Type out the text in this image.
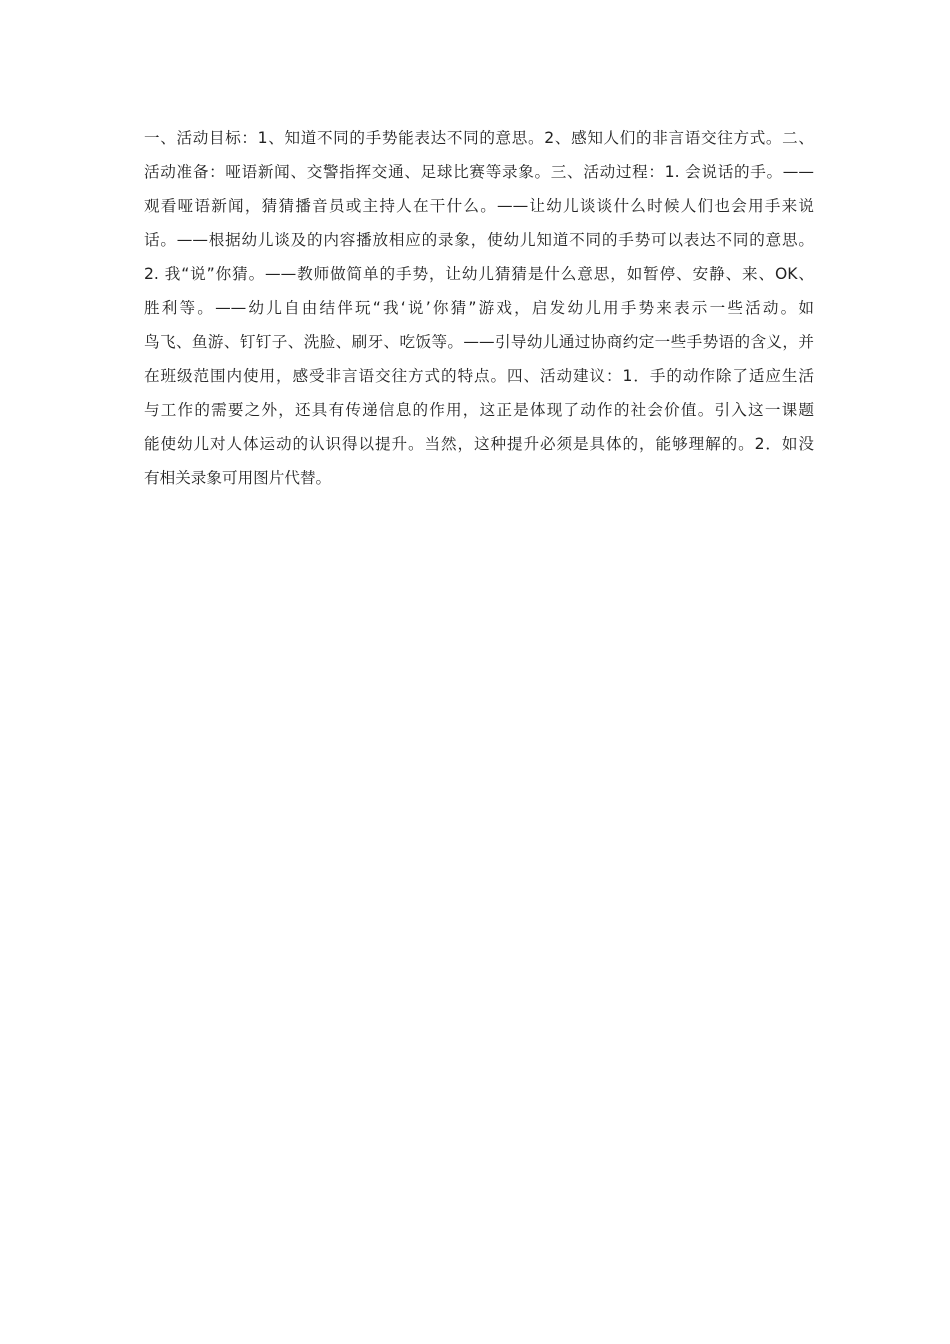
一、活动目标：1、知道不同的手势能表达不同的意思。2、感知人们的非言语交往方式。二、
活动准备：哑语新闻、交警指挥交通、足球比赛等录象。三、活动过程：1. 会说话的手。——
观看哑语新闻，猜猜播音员或主持人在干什么。——让幼儿谈谈什么时候人们也会用手来说
话。——根据幼儿谈及的内容播放相应的录象，使幼儿知道不同的手势可以表达不同的意思。
2. 我“说”你猜。——教师做简单的手势，让幼儿猜猜是什么意思，如暂停、安静、来、OK、
胜利等。——幼儿自由结伴玩“我‘说’你猜”游戏，启发幼儿用手势来表示一些活动。如
鸟飞、鱼游、钉钉子、洗脸、刷牙、吃饭等。——引导幼儿通过协商约定一些手势语的含义，并
在班级范围内使用，感受非言语交往方式的特点。四、活动建议：1．手的动作除了适应生活
与工作的需要之外，还具有传递信息的作用，这正是体现了动作的社会价值。引入这一课题
能使幼儿对人体运动的认识得以提升。当然，这种提升必须是具体的，能够理解的。2．如没
有相关录象可用图片代替。
